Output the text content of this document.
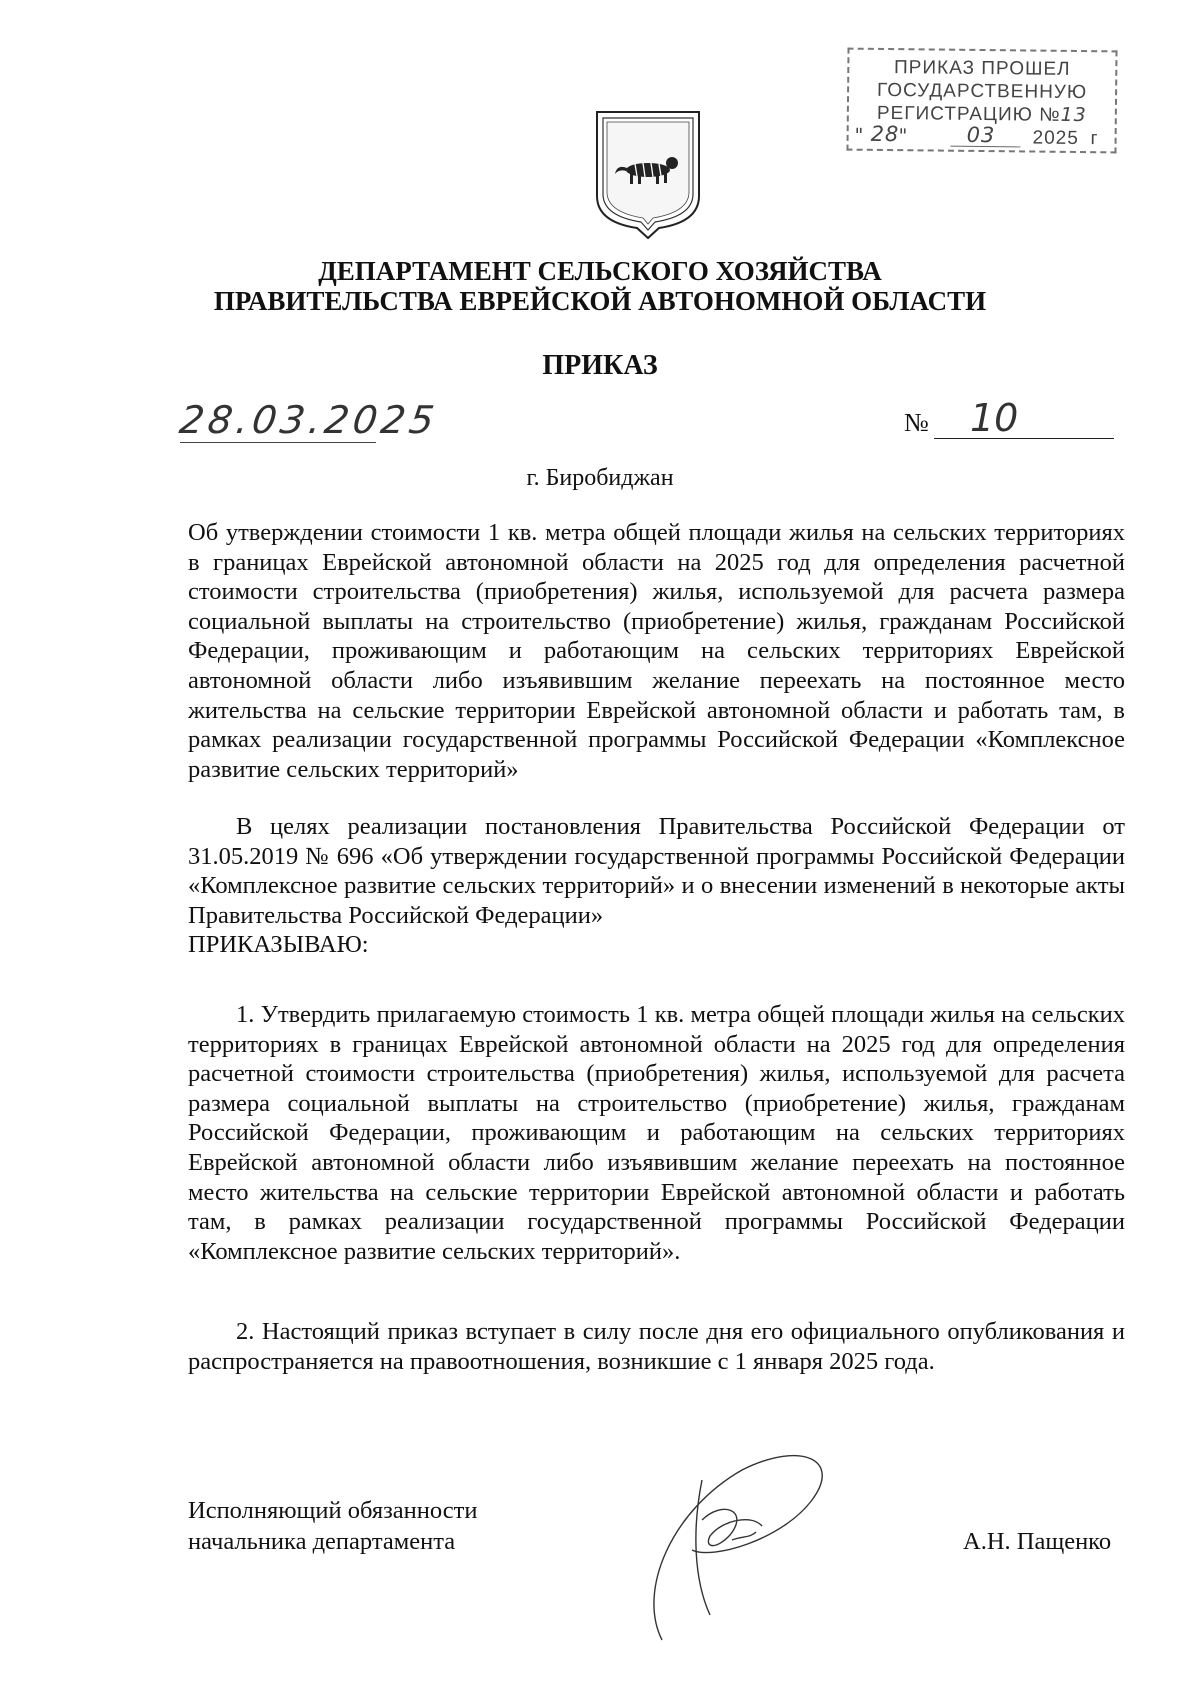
ПРИКАЗ ПРОШЕЛ
ГОСУДАРСТВЕННУЮ
РЕГИСТРАЦИЮ №13
" 28 "	03 2025 г
ДЕПАРТАМЕНТ СЕЛЬСКОГО ХОЗЯЙСТВА
ПРАВИТЕЛЬСТВА ЕВРЕЙСКОЙ АВТОНОМНОЙ ОБЛАСТИ
ПРИКАЗ
28.03.2025	№ 10
г. Биробиджан
Об утверждении стоимости 1 кв. метра общей площади жилья на сельских территориях в границах Еврейской автономной области на 2025 год для определения расчетной стоимости строительства (приобретения) жилья, используемой для расчета размера социальной выплаты на строительство (приобретение) жилья, гражданам Российской Федерации, проживающим и работающим на сельских территориях Еврейской автономной области либо изъявившим желание переехать на постоянное место жительства на сельские территории Еврейской автономной области и работать там, в рамках реализации государственной программы Российской Федерации «Комплексное развитие сельских территорий»
В целях реализации постановления Правительства Российской Федерации от 31.05.2019 № 696 «Об утверждении государственной программы Российской Федерации «Комплексное развитие сельских территорий» и о внесении изменений в некоторые акты Правительства Российской Федерации»
ПРИКАЗЫВАЮ:
1. Утвердить прилагаемую стоимость 1 кв. метра общей площади жилья на сельских территориях в границах Еврейской автономной области на 2025 год для определения расчетной стоимости строительства (приобретения) жилья, используемой для расчета размера социальной выплаты на строительство (приобретение) жилья, гражданам Российской Федерации, проживающим и работающим на сельских территориях Еврейской автономной области либо изъявившим желание переехать на постоянное место жительства на сельские территории Еврейской автономной области и работать там, в рамках реализации государственной программы Российской Федерации «Комплексное развитие сельских территорий».
2. Настоящий приказ вступает в силу после дня его официального опубликования и распространяется на правоотношения, возникшие с 1 января 2025 года.
Исполняющий обязанности
начальника департамента	А.Н. Пащенко
